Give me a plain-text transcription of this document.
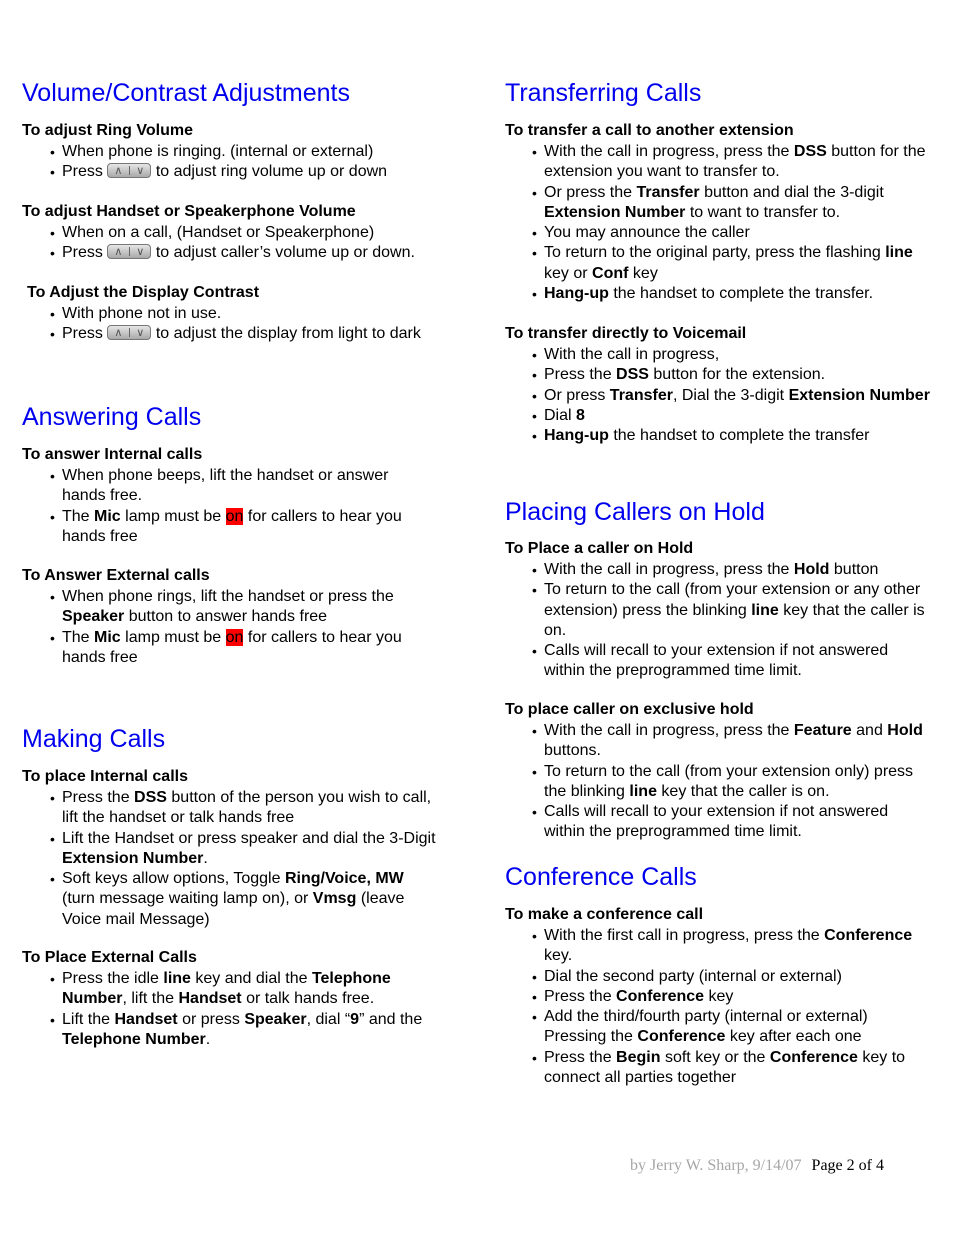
Volume/Contrast Adjustments
To adjust Ring Volume
• When phone is ringing. (internal or external)
• Press ∧
∨	to adjust ring volume up or down
To adjust Handset or Speakerphone Volume
• When on a call, (Handset or Speakerphone)
• Press ∧
∨	to adjust caller’s volume up or down.
To Adjust the Display Contrast
• With phone not in use.
• Press ∧
∨	to adjust the display from light to dark
Answering Calls
To answer Internal calls
• When phone beeps, lift the handset or answer hands free.
• The Mic lamp must be on for callers to hear you hands free
To Answer External calls
• When phone rings, lift the handset or press the Speaker button to answer hands free
• The Mic lamp must be on for callers to hear you hands free
Making Calls
To place Internal calls
• Press the DSS button of the person you wish to call, lift the handset or talk hands free
• Lift the Handset or press speaker and dial the 3-Digit Extension Number.
• Soft keys allow options, Toggle Ring/Voice, MW (turn message waiting lamp on), or Vmsg (leave Voice mail Message)
To Place External Calls
• Press the idle line key and dial the Telephone Number, lift the Handset or talk hands free.
• Lift the Handset or press Speaker, dial “9” and the Telephone Number.
Transferring Calls
To transfer a call to another extension
• With the call in progress, press the DSS button for the extension you want to transfer to.
• Or press the Transfer button and dial the 3-digit Extension Number to want to transfer to.
• You may announce the caller
• To return to the original party, press the flashing line key or Conf key
• Hang-up the handset to complete the transfer.
To transfer directly to Voicemail
• With the call in progress,
• Press the DSS button for the extension.
• Or press Transfer, Dial the 3-digit Extension Number
• Dial 8
• Hang-up the handset to complete the transfer
Placing Callers on Hold
To Place a caller on Hold
• With the call in progress, press the Hold button
• To return to the call (from your extension or any other extension) press the blinking line key that the caller is on.
• Calls will recall to your extension if not answered within the preprogrammed time limit.
To place caller on exclusive hold
• With the call in progress, press the Feature and Hold buttons.
• To return to the call (from your extension only) press the blinking line key that the caller is on.
• Calls will recall to your extension if not answered within the preprogrammed time limit.
Conference Calls
To make a conference call
• With the first call in progress, press the Conference key.
• Dial the second party (internal or external)
• Press the Conference key
• Add the third/fourth party (internal or external) Pressing the Conference key after each one
• Press the Begin soft key or the Conference key to connect all parties together
by Jerry W. Sharp, 9/14/07 Page 2 of 4
